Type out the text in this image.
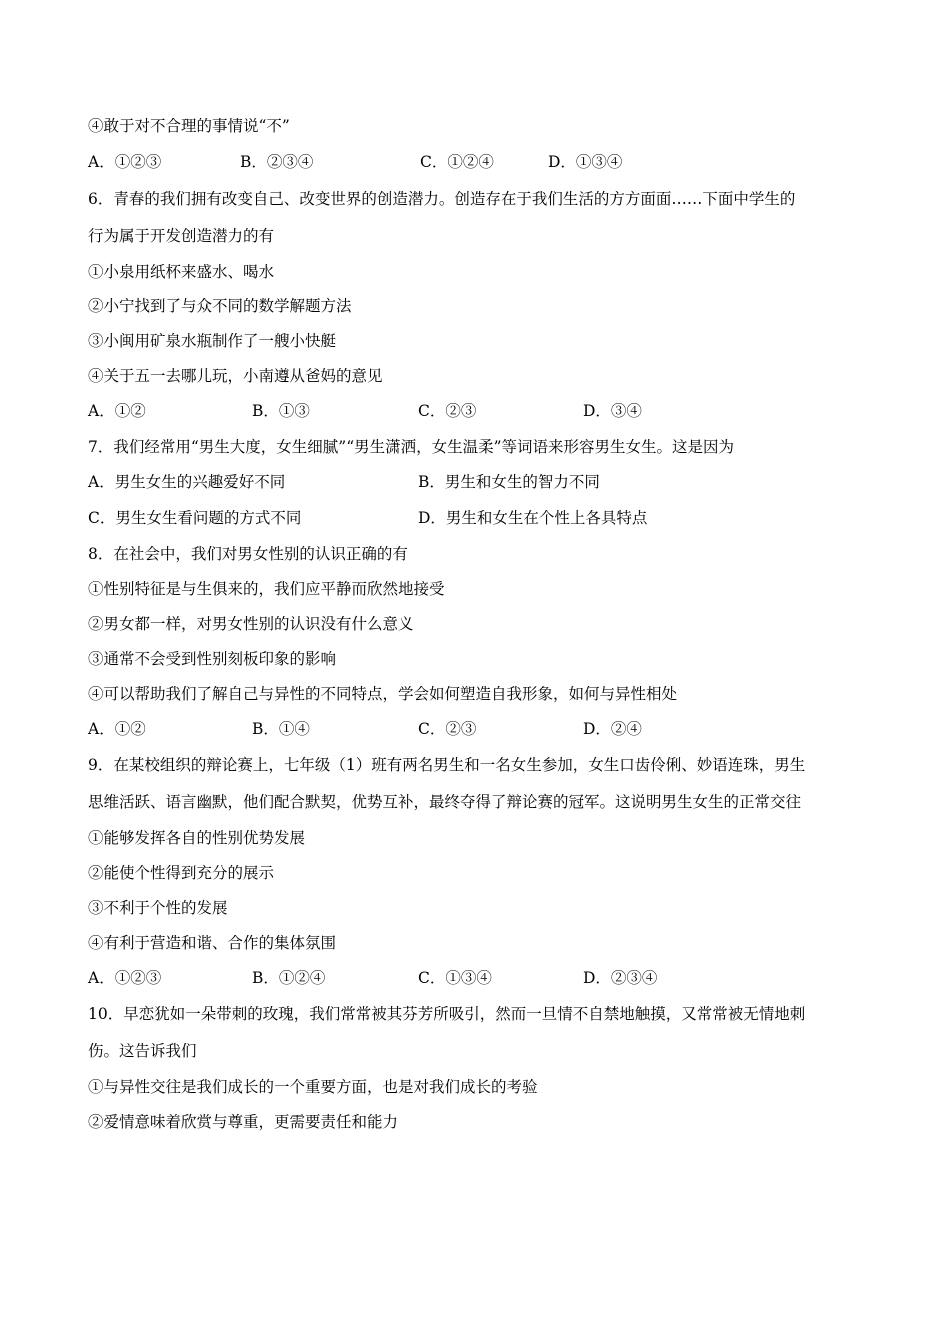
④敢于对不合理的事情说“不”
A．①②③	B．②③④	C．①②④	D．①③④
6．青春的我们拥有改变自己、改变世界的创造潜力。创造存在于我们生活的方方面面……下面中学生的
行为属于开发创造潜力的有
①小泉用纸杯来盛水、喝水
②小宁找到了与众不同的数学解题方法
③小闽用矿泉水瓶制作了一艘小快艇
④关于五一去哪儿玩，小南遵从爸妈的意见
A．①②	B．①③	C．②③	D．③④
7．我们经常用“男生大度，女生细腻”“男生潇洒，女生温柔”等词语来形容男生女生。这是因为
A．男生女生的兴趣爱好不同	B．男生和女生的智力不同
C．男生女生看问题的方式不同	D．男生和女生在个性上各具特点
8．在社会中，我们对男女性别的认识正确的有
①性别特征是与生俱来的，我们应平静而欣然地接受
②男女都一样，对男女性别的认识没有什么意义
③通常不会受到性别刻板印象的影响
④可以帮助我们了解自己与异性的不同特点，学会如何塑造自我形象，如何与异性相处
A．①②	B．①④	C．②③	D．②④
9．在某校组织的辩论赛上，七年级（1）班有两名男生和一名女生参加，女生口齿伶俐、妙语连珠，男生
思维活跃、语言幽默，他们配合默契，优势互补，最终夺得了辩论赛的冠军。这说明男生女生的正常交往
①能够发挥各自的性别优势发展
②能使个性得到充分的展示
③不利于个性的发展
④有利于营造和谐、合作的集体氛围
A．①②③	B．①②④	C．①③④	D．②③④
10．早恋犹如一朵带刺的玫瑰，我们常常被其芬芳所吸引，然而一旦情不自禁地触摸，又常常被无情地刺
伤。这告诉我们
①与异性交往是我们成长的一个重要方面，也是对我们成长的考验
②爱情意味着欣赏与尊重，更需要责任和能力
